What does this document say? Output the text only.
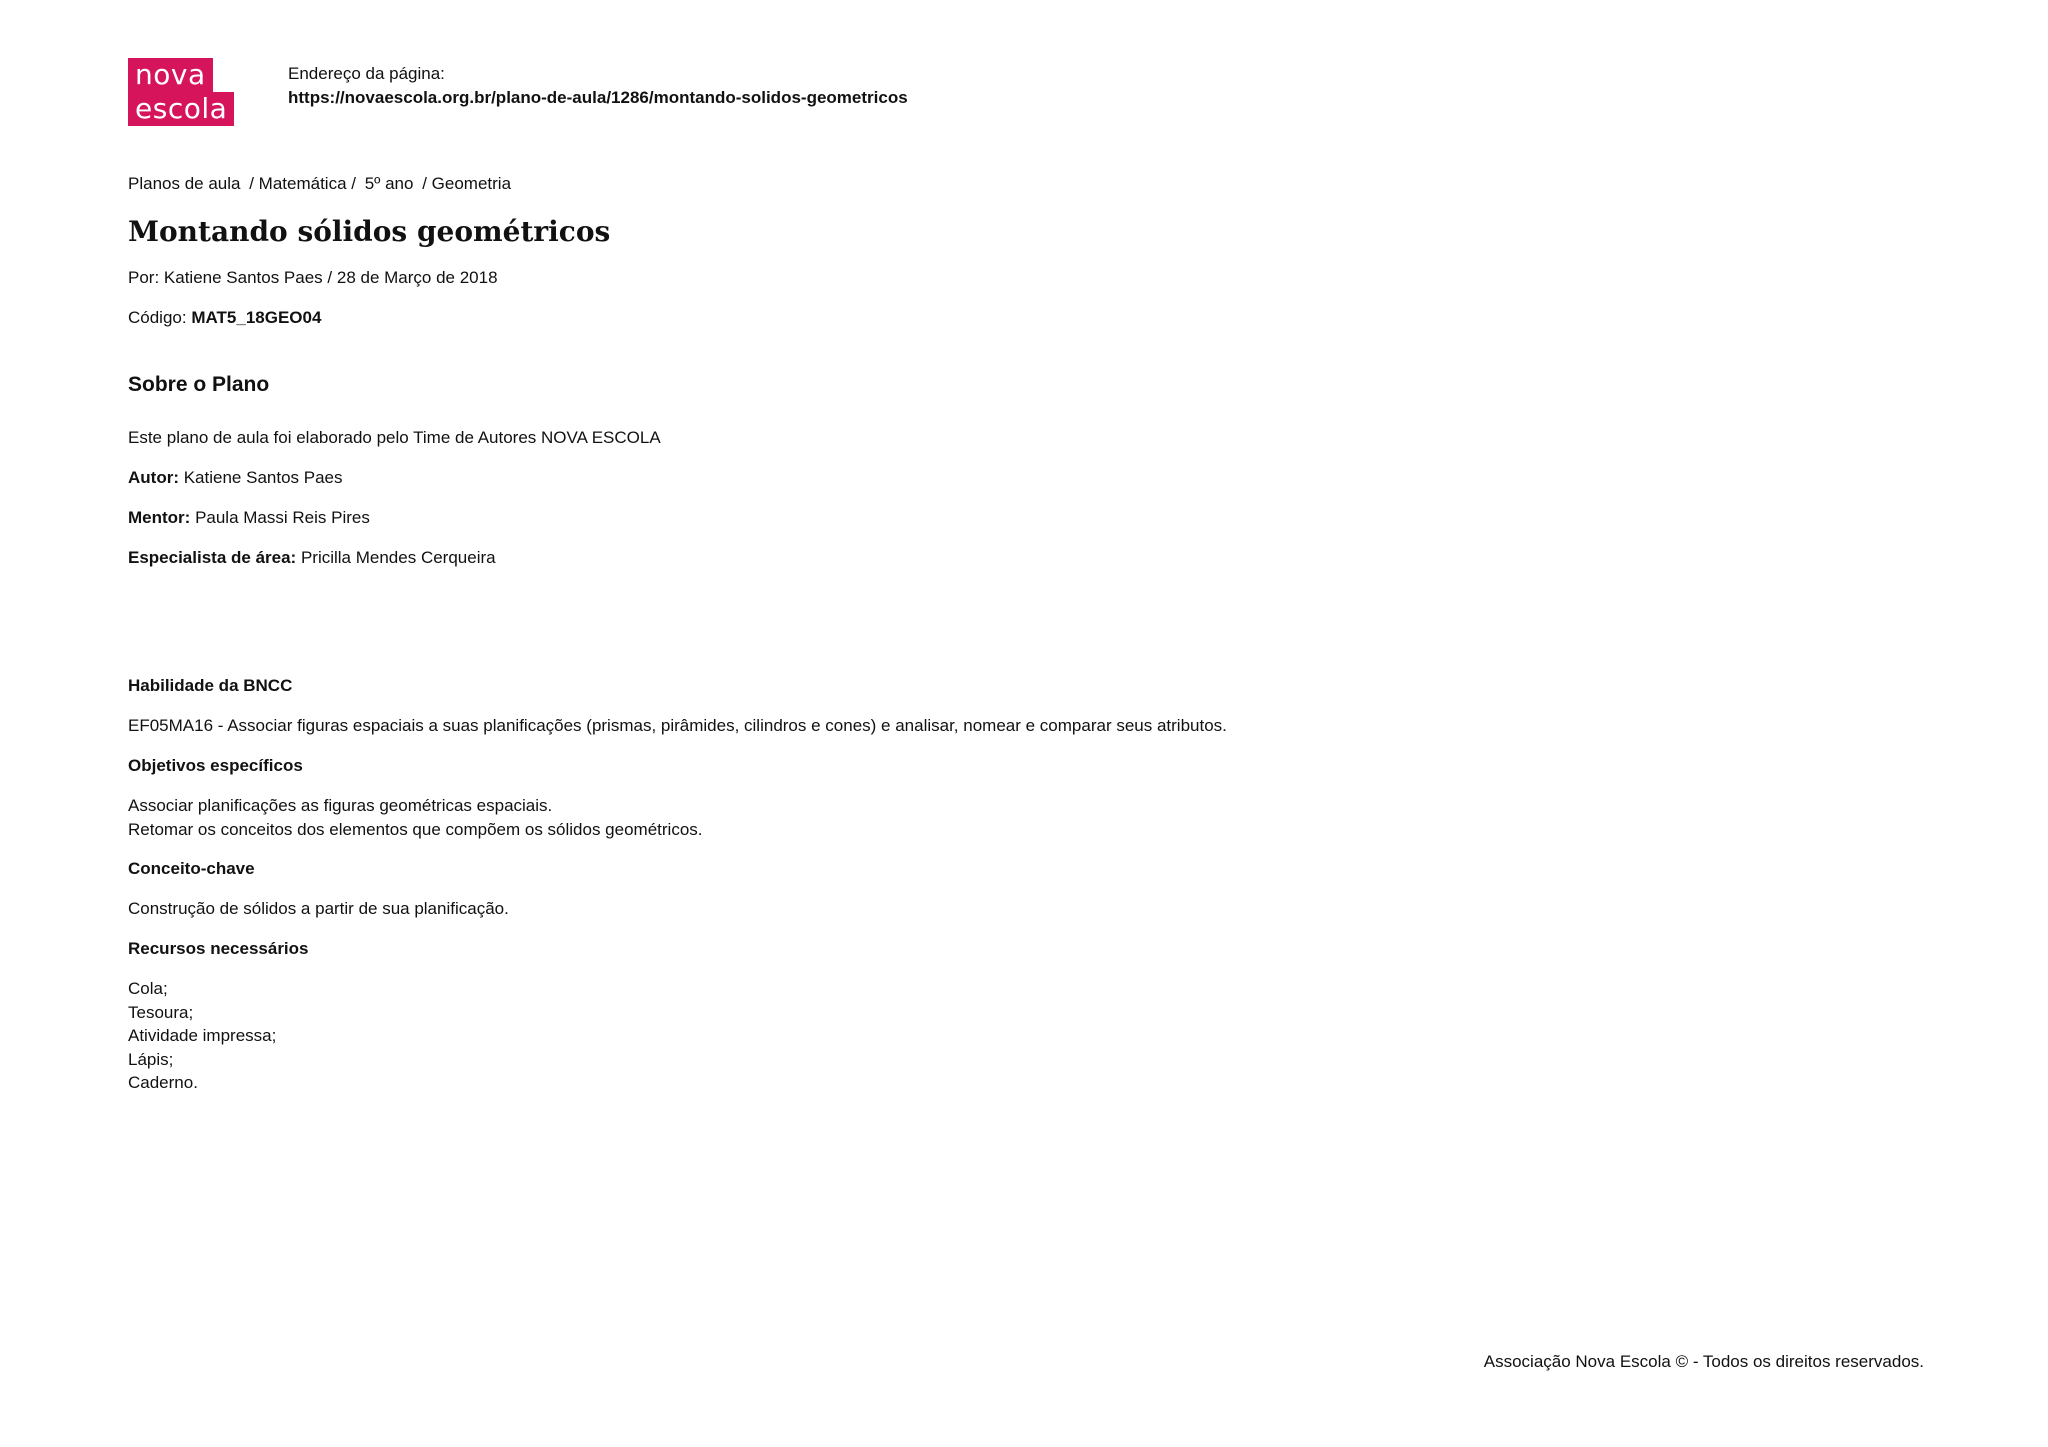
nova
escola
Endereço da página:
https://novaescola.org.br/plano-de-aula/1286/montando-solidos-geometricos
Planos de aula / Matemática / 5º ano / Geometria
Montando sólidos geométricos
Por: Katiene Santos Paes / 28 de Março de 2018
Código: MAT5_18GEO04
Sobre o Plano
Este plano de aula foi elaborado pelo Time de Autores NOVA ESCOLA
Autor: Katiene Santos Paes
Mentor: Paula Massi Reis Pires
Especialista de área: Pricilla Mendes Cerqueira
Habilidade da BNCC
EF05MA16 - Associar figuras espaciais a suas planificações (prismas, pirâmides, cilindros e cones) e analisar, nomear e comparar seus atributos.
Objetivos específicos
Associar planificações as figuras geométricas espaciais.
Retomar os conceitos dos elementos que compõem os sólidos geométricos.
Conceito-chave
Construção de sólidos a partir de sua planificação.
Recursos necessários
Cola;
Tesoura;
Atividade impressa;
Lápis;
Caderno.
Associação Nova Escola © - Todos os direitos reservados.
